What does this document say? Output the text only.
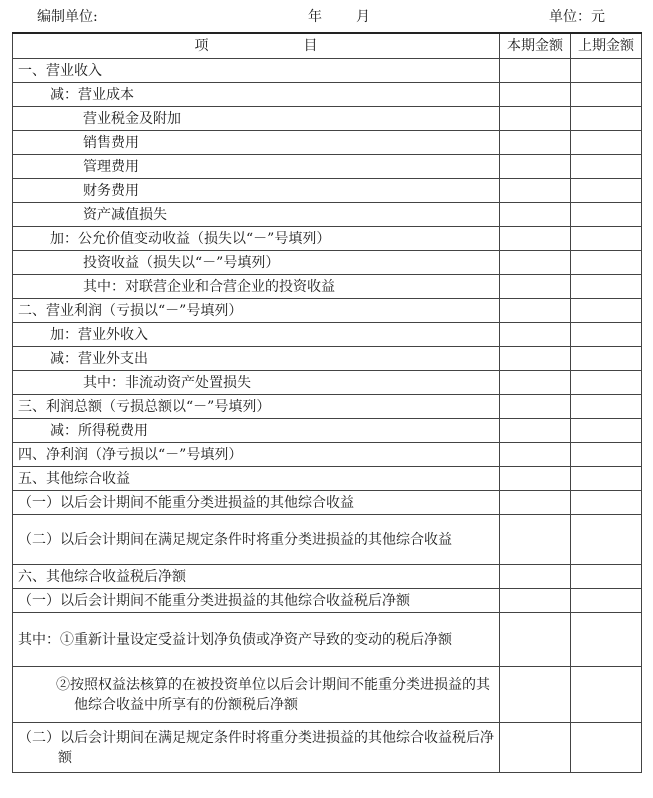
编制单位:	年 月	单位：元
项 目	本期金额	上期金额
一、营业收入		
减：营业成本		
营业税金及附加		
销售费用		
管理费用		
财务费用		
资产减值损失		
加：公允价值变动收益（损失以“－”号填列）		
投资收益（损失以“－”号填列）		
其中：对联营企业和合营企业的投资收益		
二、营业利润（亏损以“－”号填列）		
加：营业外收入		
减：营业外支出		
其中：非流动资产处置损失		
三、利润总额（亏损总额以“－”号填列）		
减：所得税费用		
四、净利润（净亏损以“－”号填列）		
五、其他综合收益		
（一）以后会计期间不能重分类进损益的其他综合收益		

（二）以后会计期间在满足规定条件时将重分类进损益的其他综合收益		

六、其他综合收益税后净额		
（一）以后会计期间不能重分类进损益的其他综合收益税后净额		

其中：①重新计量设定受益计划净负债或净资产导致的变动的税后净额		

②按照权益法核算的在被投资单位以后会计期间不能重分类进损益的其他综合收益中所享有的份额税后净额		

（二）以后会计期间在满足规定条件时将重分类进损益的其他综合收益税后净额		
